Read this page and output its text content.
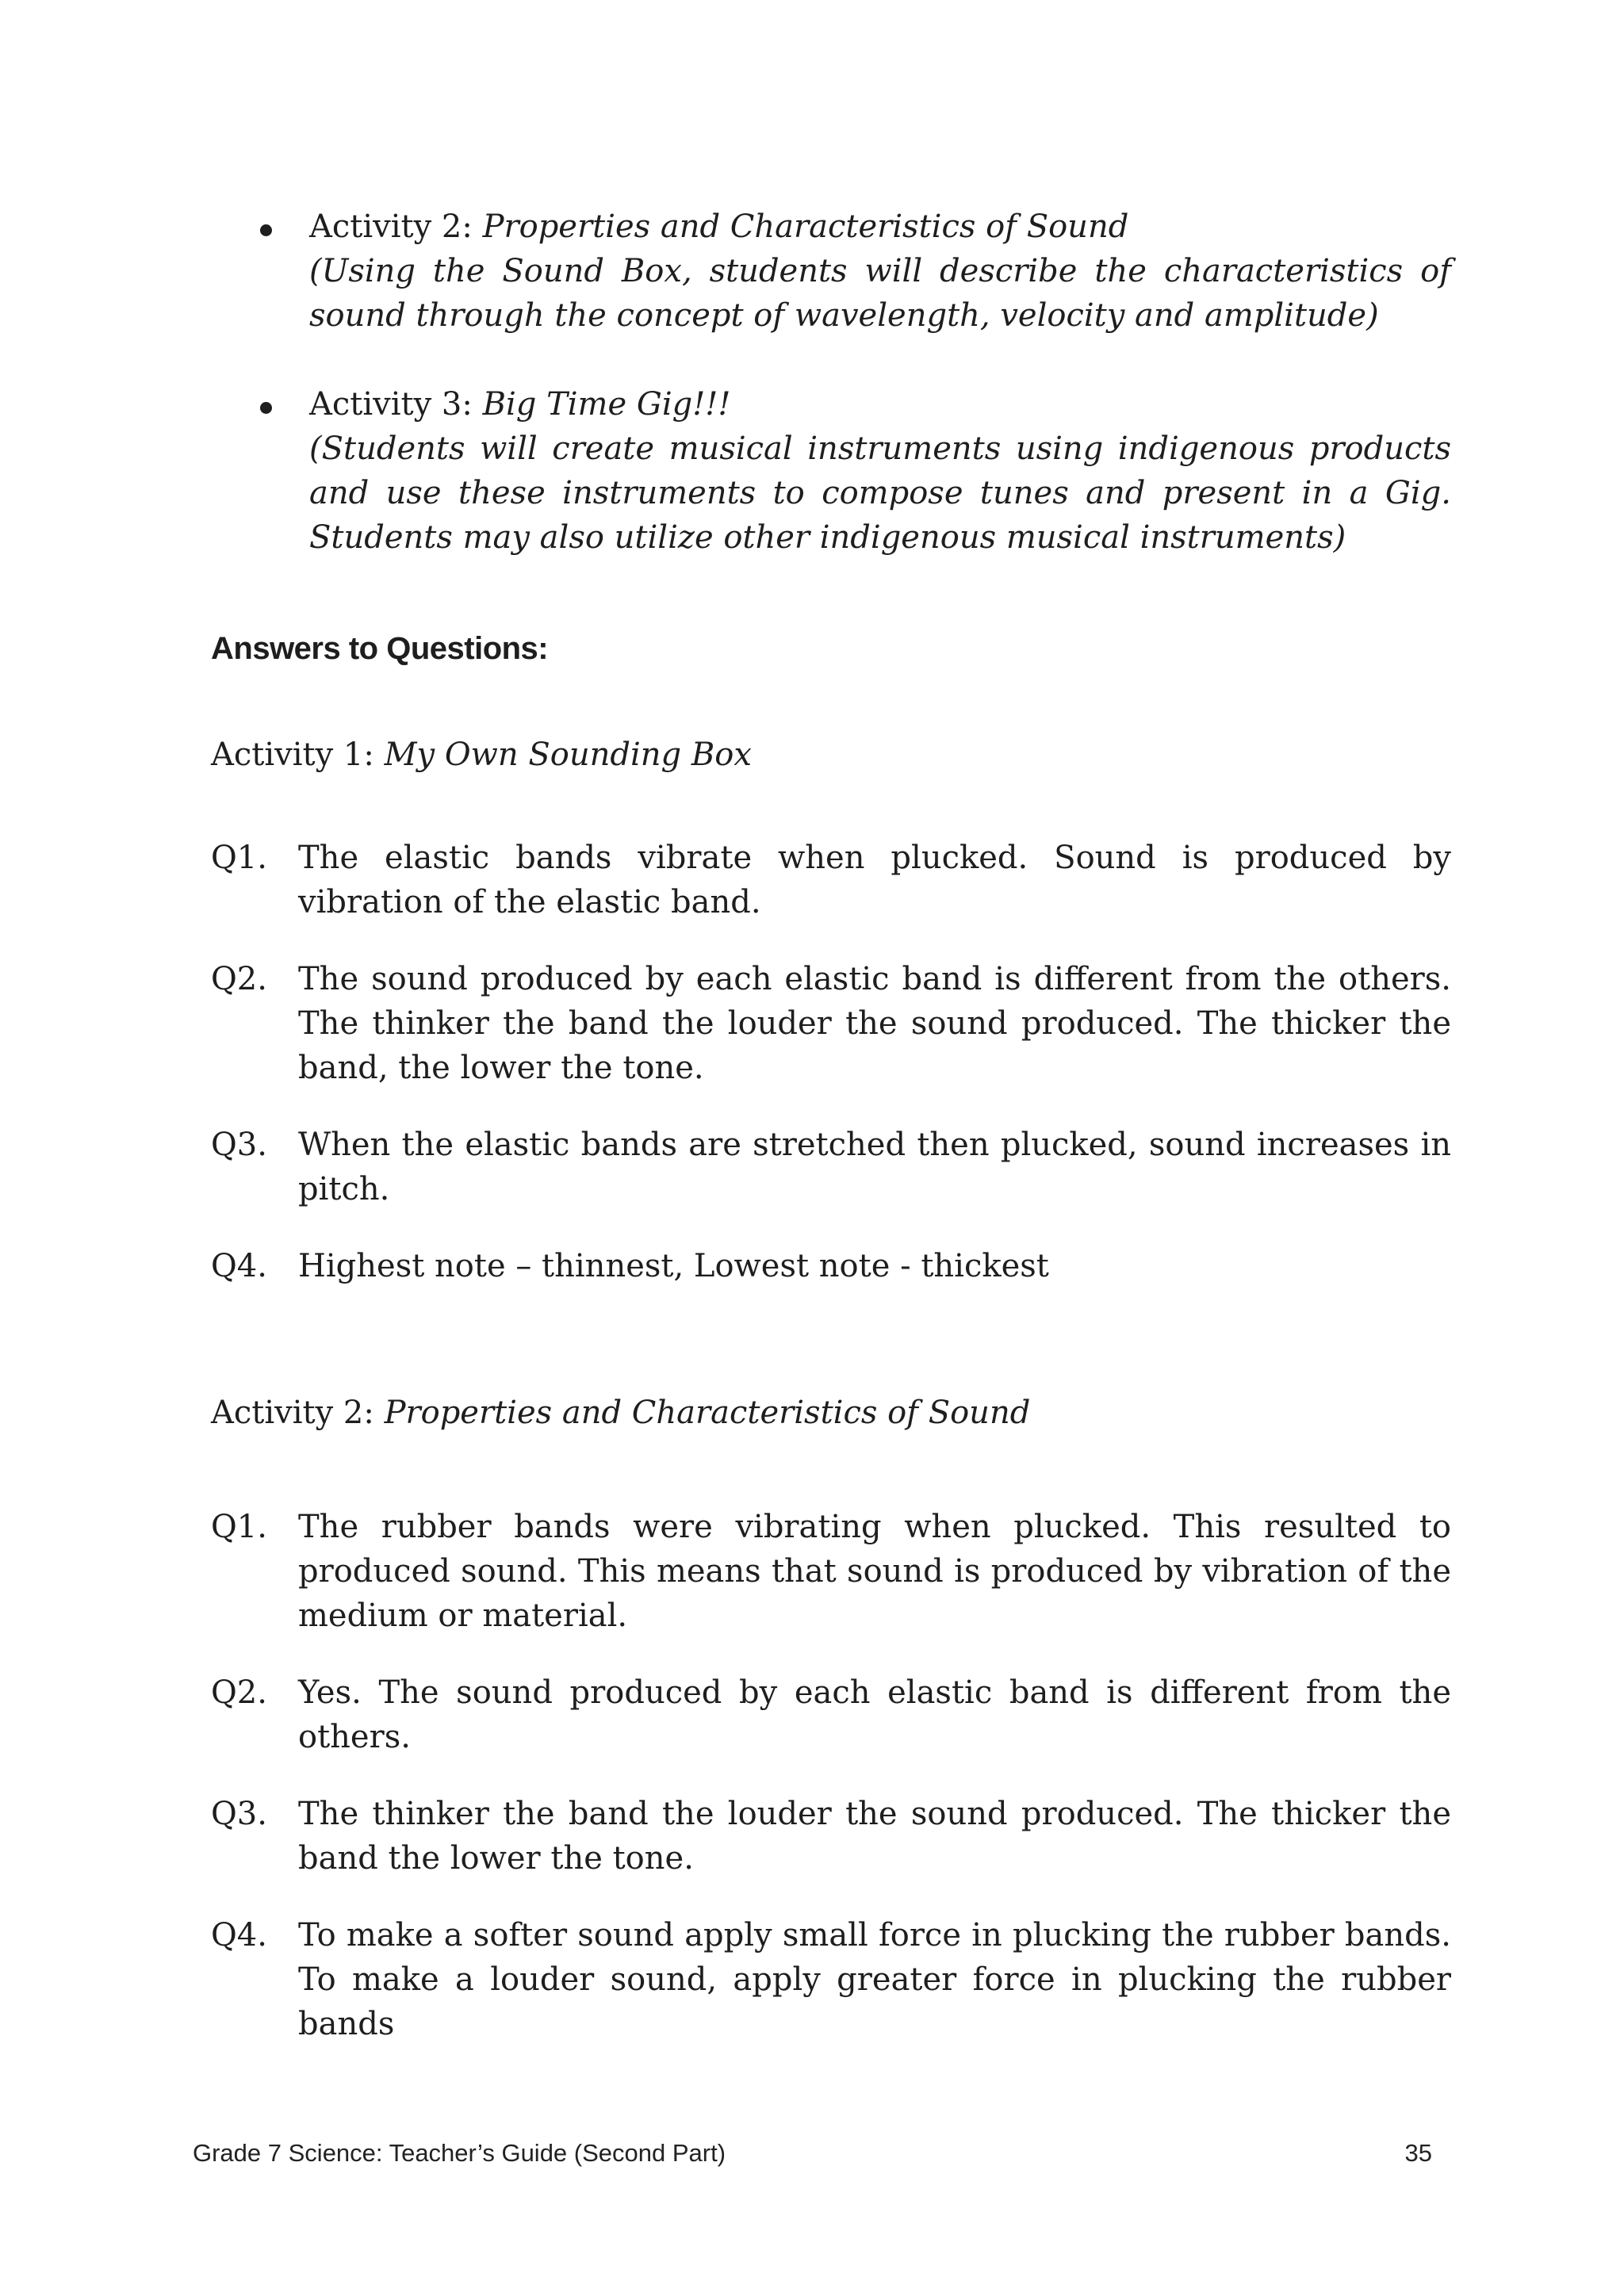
Activity 2: Properties and Characteristics of Sound
(Using the Sound Box, students will describe the characteristics of sound through the concept of wavelength, velocity and amplitude)
Activity 3: Big Time Gig!!!
(Students will create musical instruments using indigenous products and use these instruments to compose tunes and present in a Gig. Students may also utilize other indigenous musical instruments)
Answers to Questions:
Activity 1: My Own Sounding Box
Q1. The elastic bands vibrate when plucked. Sound is produced by vibration of the elastic band.
Q2. The sound produced by each elastic band is different from the others. The thinker the band the louder the sound produced. The thicker the band, the lower the tone.
Q3. When the elastic bands are stretched then plucked, sound increases in pitch.
Q4. Highest note – thinnest, Lowest note - thickest
Activity 2: Properties and Characteristics of Sound
Q1. The rubber bands were vibrating when plucked. This resulted to produced sound. This means that sound is produced by vibration of the medium or material.
Q2. Yes. The sound produced by each elastic band is different from the others.
Q3. The thinker the band the louder the sound produced. The thicker the band the lower the tone.
Q4. To make a softer sound apply small force in plucking the rubber bands. To make a louder sound, apply greater force in plucking the rubber bands
Grade 7 Science: Teacher’s Guide (Second Part)	35
